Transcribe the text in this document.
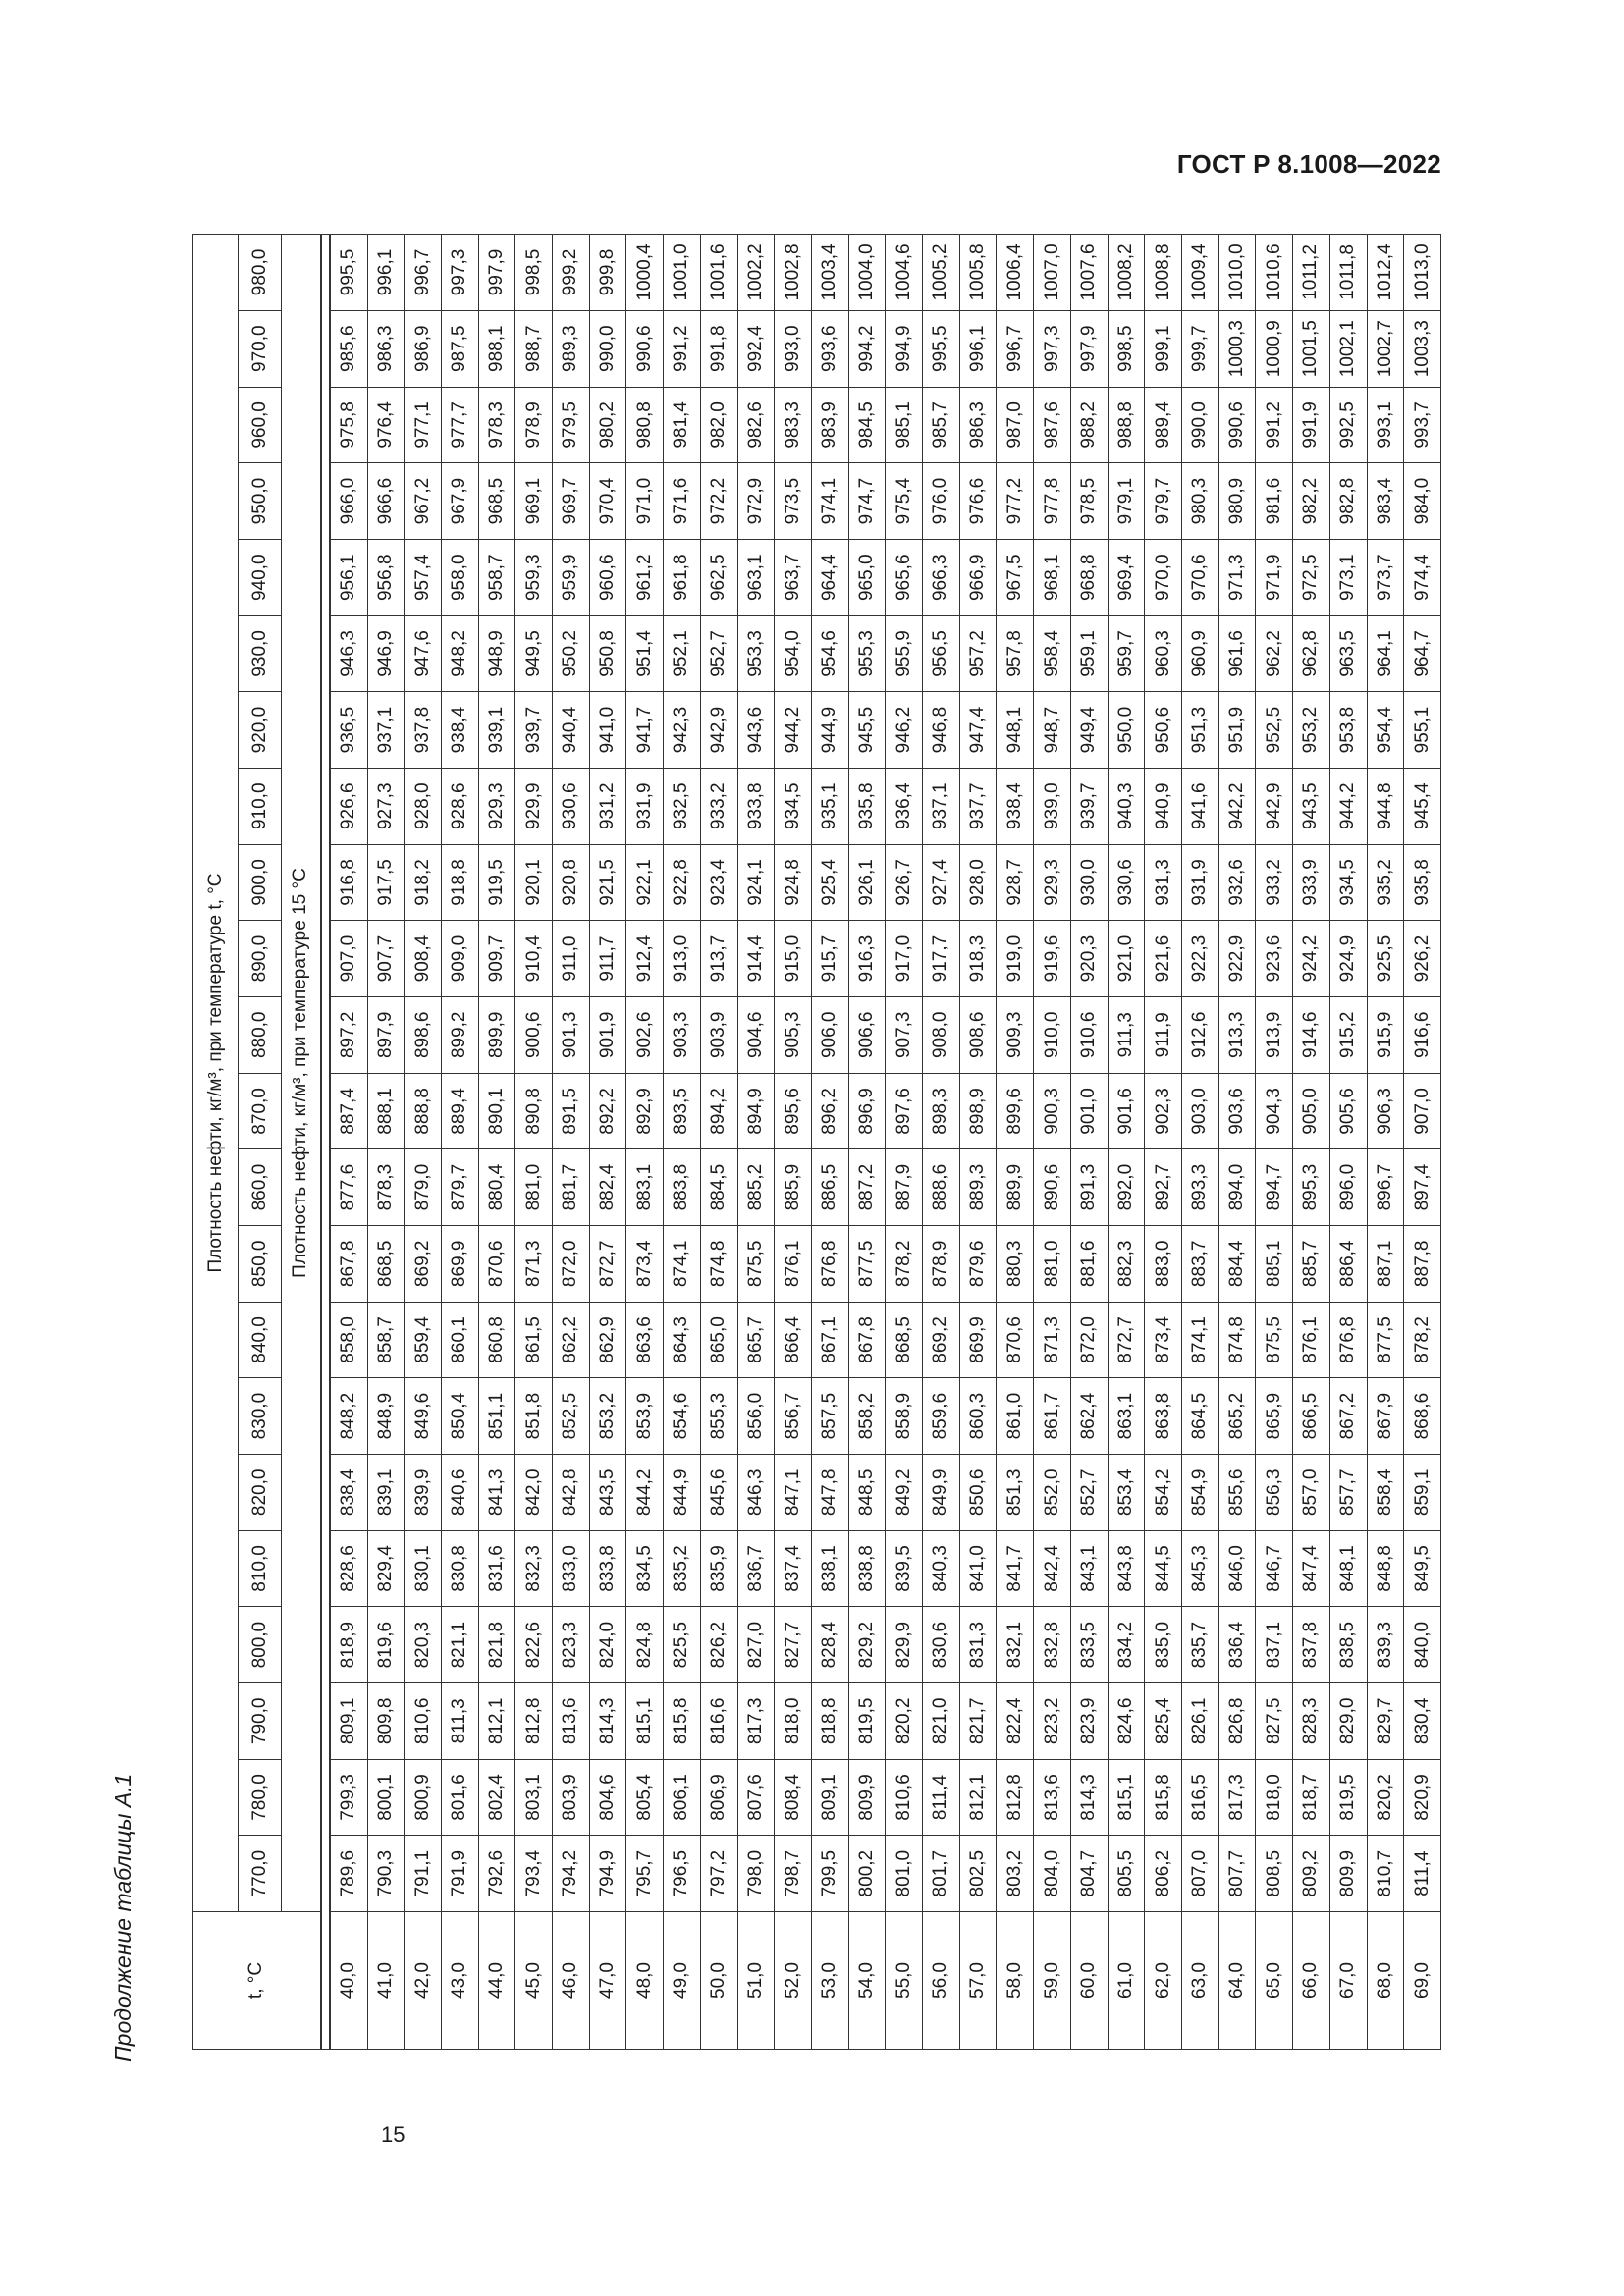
ГОСТ Р 8.1008—2022
Продолжение таблицы А.1
15
t, °C	Плотность нефти, кг/м³, при температуре t, °C																					
	770,0	780,0	790,0	800,0	810,0	820,0	830,0	840,0	850,0	860,0	870,0	880,0	890,0	900,0	910,0	920,0	930,0	940,0	950,0	960,0	970,0	980,0
	Плотность нефти, кг/м³, при температуре 15 °C																					

40,0	789,6	799,3	809,1	818,9	828,6	838,4	848,2	858,0	867,8	877,6	887,4	897,2	907,0	916,8	926,6	936,5	946,3	956,1	966,0	975,8	985,6	995,5
41,0	790,3	800,1	809,8	819,6	829,4	839,1	848,9	858,7	868,5	878,3	888,1	897,9	907,7	917,5	927,3	937,1	946,9	956,8	966,6	976,4	986,3	996,1
42,0	791,1	800,9	810,6	820,3	830,1	839,9	849,6	859,4	869,2	879,0	888,8	898,6	908,4	918,2	928,0	937,8	947,6	957,4	967,2	977,1	986,9	996,7
43,0	791,9	801,6	811,3	821,1	830,8	840,6	850,4	860,1	869,9	879,7	889,4	899,2	909,0	918,8	928,6	938,4	948,2	958,0	967,9	977,7	987,5	997,3
44,0	792,6	802,4	812,1	821,8	831,6	841,3	851,1	860,8	870,6	880,4	890,1	899,9	909,7	919,5	929,3	939,1	948,9	958,7	968,5	978,3	988,1	997,9
45,0	793,4	803,1	812,8	822,6	832,3	842,0	851,8	861,5	871,3	881,0	890,8	900,6	910,4	920,1	929,9	939,7	949,5	959,3	969,1	978,9	988,7	998,5
46,0	794,2	803,9	813,6	823,3	833,0	842,8	852,5	862,2	872,0	881,7	891,5	901,3	911,0	920,8	930,6	940,4	950,2	959,9	969,7	979,5	989,3	999,2
47,0	794,9	804,6	814,3	824,0	833,8	843,5	853,2	862,9	872,7	882,4	892,2	901,9	911,7	921,5	931,2	941,0	950,8	960,6	970,4	980,2	990,0	999,8
48,0	795,7	805,4	815,1	824,8	834,5	844,2	853,9	863,6	873,4	883,1	892,9	902,6	912,4	922,1	931,9	941,7	951,4	961,2	971,0	980,8	990,6	1000,4
49,0	796,5	806,1	815,8	825,5	835,2	844,9	854,6	864,3	874,1	883,8	893,5	903,3	913,0	922,8	932,5	942,3	952,1	961,8	971,6	981,4	991,2	1001,0
50,0	797,2	806,9	816,6	826,2	835,9	845,6	855,3	865,0	874,8	884,5	894,2	903,9	913,7	923,4	933,2	942,9	952,7	962,5	972,2	982,0	991,8	1001,6
51,0	798,0	807,6	817,3	827,0	836,7	846,3	856,0	865,7	875,5	885,2	894,9	904,6	914,4	924,1	933,8	943,6	953,3	963,1	972,9	982,6	992,4	1002,2
52,0	798,7	808,4	818,0	827,7	837,4	847,1	856,7	866,4	876,1	885,9	895,6	905,3	915,0	924,8	934,5	944,2	954,0	963,7	973,5	983,3	993,0	1002,8
53,0	799,5	809,1	818,8	828,4	838,1	847,8	857,5	867,1	876,8	886,5	896,2	906,0	915,7	925,4	935,1	944,9	954,6	964,4	974,1	983,9	993,6	1003,4
54,0	800,2	809,9	819,5	829,2	838,8	848,5	858,2	867,8	877,5	887,2	896,9	906,6	916,3	926,1	935,8	945,5	955,3	965,0	974,7	984,5	994,2	1004,0
55,0	801,0	810,6	820,2	829,9	839,5	849,2	858,9	868,5	878,2	887,9	897,6	907,3	917,0	926,7	936,4	946,2	955,9	965,6	975,4	985,1	994,9	1004,6
56,0	801,7	811,4	821,0	830,6	840,3	849,9	859,6	869,2	878,9	888,6	898,3	908,0	917,7	927,4	937,1	946,8	956,5	966,3	976,0	985,7	995,5	1005,2
57,0	802,5	812,1	821,7	831,3	841,0	850,6	860,3	869,9	879,6	889,3	898,9	908,6	918,3	928,0	937,7	947,4	957,2	966,9	976,6	986,3	996,1	1005,8
58,0	803,2	812,8	822,4	832,1	841,7	851,3	861,0	870,6	880,3	889,9	899,6	909,3	919,0	928,7	938,4	948,1	957,8	967,5	977,2	987,0	996,7	1006,4
59,0	804,0	813,6	823,2	832,8	842,4	852,0	861,7	871,3	881,0	890,6	900,3	910,0	919,6	929,3	939,0	948,7	958,4	968,1	977,8	987,6	997,3	1007,0
60,0	804,7	814,3	823,9	833,5	843,1	852,7	862,4	872,0	881,6	891,3	901,0	910,6	920,3	930,0	939,7	949,4	959,1	968,8	978,5	988,2	997,9	1007,6
61,0	805,5	815,1	824,6	834,2	843,8	853,4	863,1	872,7	882,3	892,0	901,6	911,3	921,0	930,6	940,3	950,0	959,7	969,4	979,1	988,8	998,5	1008,2
62,0	806,2	815,8	825,4	835,0	844,5	854,2	863,8	873,4	883,0	892,7	902,3	911,9	921,6	931,3	940,9	950,6	960,3	970,0	979,7	989,4	999,1	1008,8
63,0	807,0	816,5	826,1	835,7	845,3	854,9	864,5	874,1	883,7	893,3	903,0	912,6	922,3	931,9	941,6	951,3	960,9	970,6	980,3	990,0	999,7	1009,4
64,0	807,7	817,3	826,8	836,4	846,0	855,6	865,2	874,8	884,4	894,0	903,6	913,3	922,9	932,6	942,2	951,9	961,6	971,3	980,9	990,6	1000,3	1010,0
65,0	808,5	818,0	827,5	837,1	846,7	856,3	865,9	875,5	885,1	894,7	904,3	913,9	923,6	933,2	942,9	952,5	962,2	971,9	981,6	991,2	1000,9	1010,6
66,0	809,2	818,7	828,3	837,8	847,4	857,0	866,5	876,1	885,7	895,3	905,0	914,6	924,2	933,9	943,5	953,2	962,8	972,5	982,2	991,9	1001,5	1011,2
67,0	809,9	819,5	829,0	838,5	848,1	857,7	867,2	876,8	886,4	896,0	905,6	915,2	924,9	934,5	944,2	953,8	963,5	973,1	982,8	992,5	1002,1	1011,8
68,0	810,7	820,2	829,7	839,3	848,8	858,4	867,9	877,5	887,1	896,7	906,3	915,9	925,5	935,2	944,8	954,4	964,1	973,7	983,4	993,1	1002,7	1012,4
69,0	811,4	820,9	830,4	840,0	849,5	859,1	868,6	878,2	887,8	897,4	907,0	916,6	926,2	935,8	945,4	955,1	964,7	974,4	984,0	993,7	1003,3	1013,0
